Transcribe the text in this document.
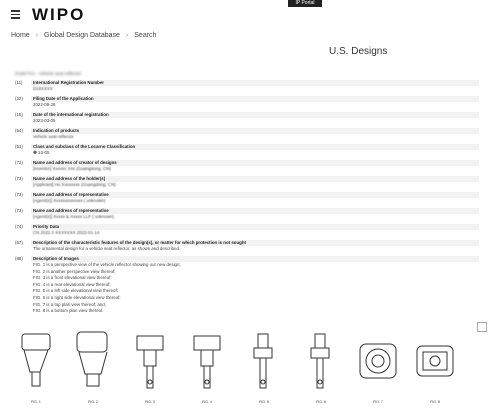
WIPO
IP Portal
Home › Global Design Database › Search
U.S. Designs
D1607XX - Vehicle seat reflector
(11)	International Registration Number
D16XXXX
(22)	Filing Date of the Application
2022-09-28
(15)	Date of the international registration
2023-03-05
(54)	Indication of products
Vehicle seat reflector
(51)	Class and subclass of the Locarno Classification
❶ 10-05
(72)	Name and address of creator of designs
[Inventor] Xxxxxx Xxx (Guangdong, CN)
(73)	Name and address of the holder(s)
[Applicant] Hu Xxxxxxxx (Guangdong, CN)
(73)	Name and address of representative
[Agent(s)] Xxxxxxxxxxxxx ( unknown)
(73)	Name and address of representative
[Agent(s)] Xxxxx & Xxxxx LLP ( unknown)
(74)	Priority Data
CN 2022 3 XXXXXXX 2022-01-14
(57)	Description of the characteristic features of the design(s), or matter for which protection is not sought
The ornamental design for a vehicle seat reflector, as shown and described.
(88)	Description of Images
FIG. 1 is a perspective view of the vehicle reflector showing our new design;
FIG. 2 is another perspective view thereof;
FIG. 3 is a front elevational view thereof;
FIG. 4 is a rear elevational view thereof;
FIG. 5 is a left side elevational view thereof;
FIG. 6 is a right side elevational view thereof;
FIG. 7 is a top plan view thereof; and,
FIG. 8 is a bottom plan view thereof.
FIG. 1	FIG. 2	FIG. 3	FIG. 4	FIG. 5	FIG. 6	FIG. 7	FIG. 8
